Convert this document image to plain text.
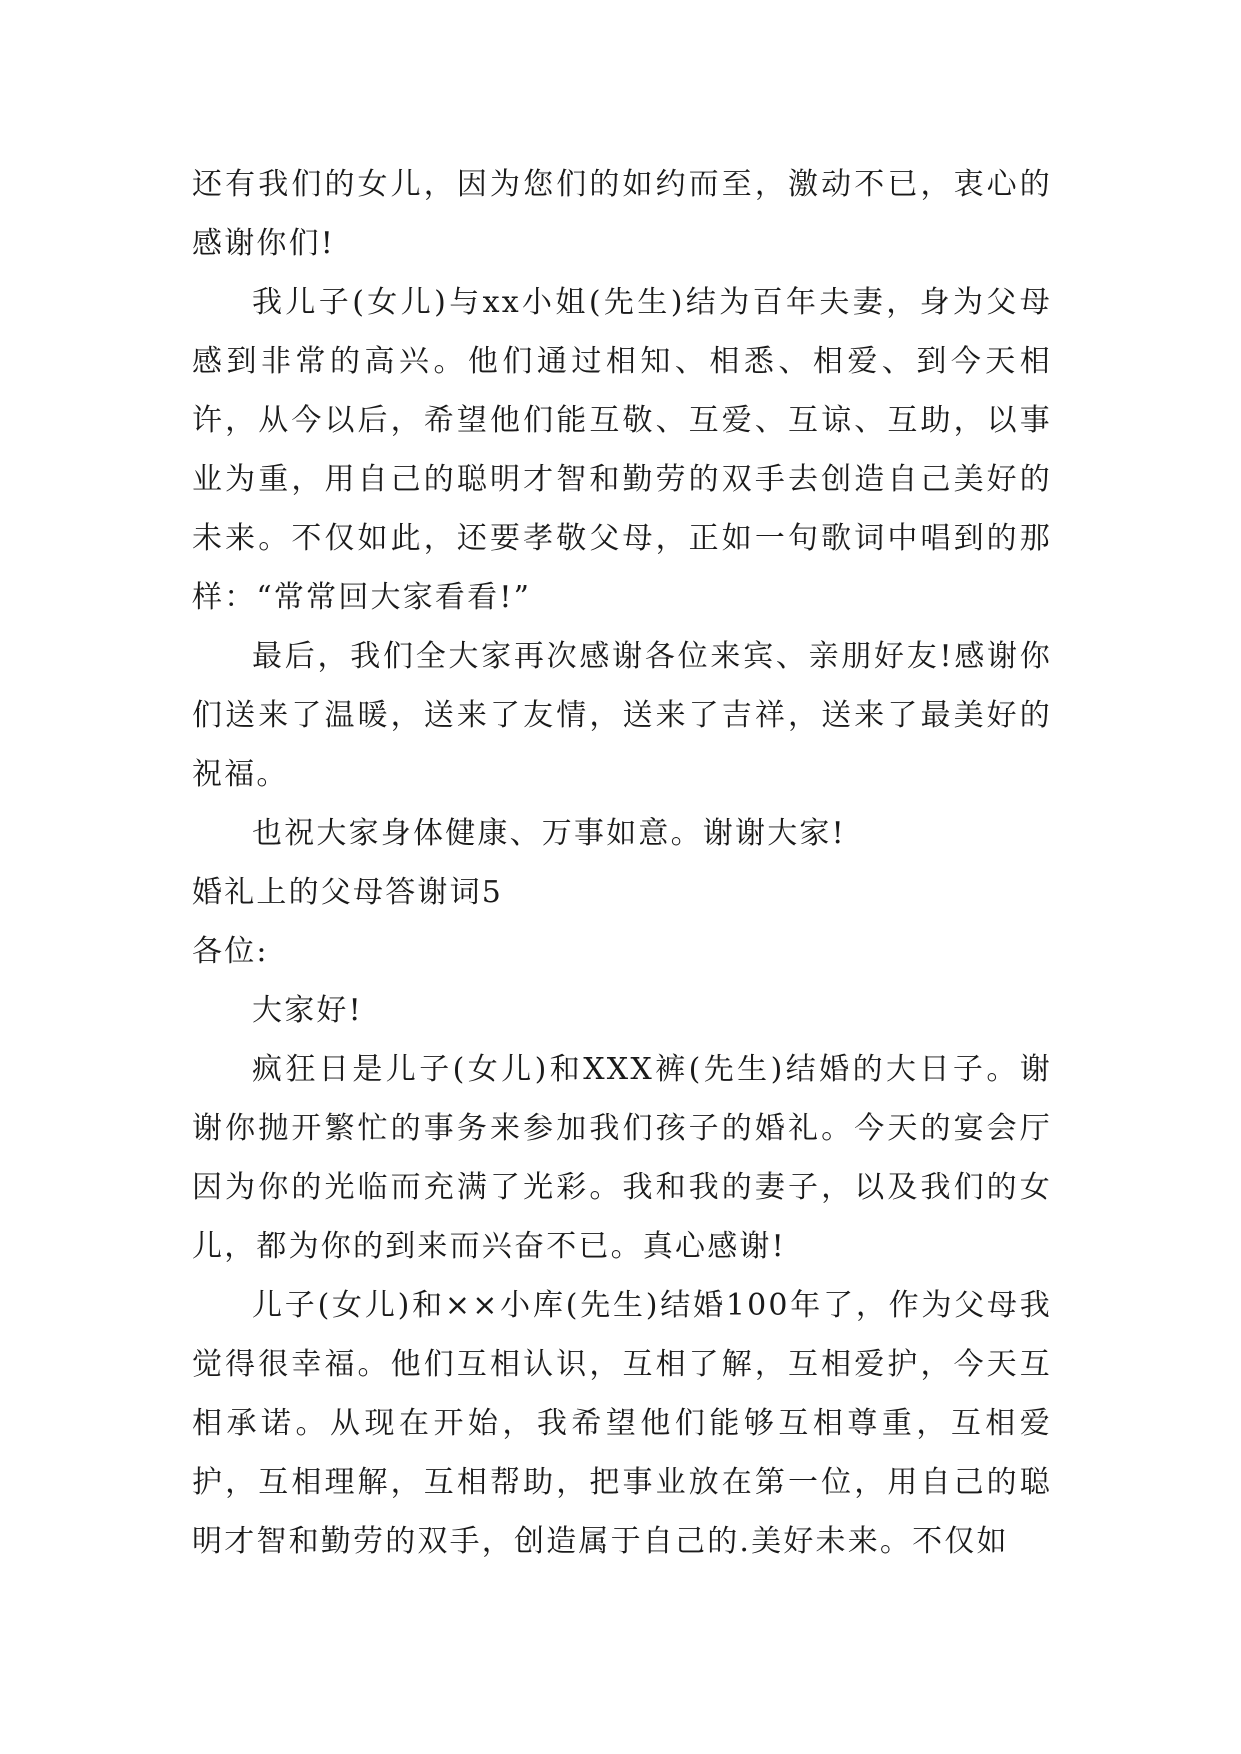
还有我们的女儿，因为您们的如约而至，激动不已，衷心的感谢你们!

我儿子(女儿)与xx小姐(先生)结为百年夫妻，身为父母感到非常的高兴。他们通过相知、相悉、相爱、到今天相许，从今以后，希望他们能互敬、互爱、互谅、互助，以事业为重，用自己的聪明才智和勤劳的双手去创造自己美好的未来。不仅如此，还要孝敬父母，正如一句歌词中唱到的那样：“常常回大家看看!”

最后，我们全大家再次感谢各位来宾、亲朋好友!感谢你们送来了温暖，送来了友情，送来了吉祥，送来了最美好的祝福。

也祝大家身体健康、万事如意。谢谢大家!

婚礼上的父母答谢词5

各位:

大家好!

疯狂日是儿子(女儿)和XXX裤(先生)结婚的大日子。谢谢你抛开繁忙的事务来参加我们孩子的婚礼。今天的宴会厅因为你的光临而充满了光彩。我和我的妻子，以及我们的女儿，都为你的到来而兴奋不已。真心感谢!

儿子(女儿)和××小库(先生)结婚100年了，作为父母我觉得很幸福。他们互相认识，互相了解，互相爱护，今天互相承诺。从现在开始，我希望他们能够互相尊重，互相爱护，互相理解，互相帮助，把事业放在第一位，用自己的聪明才智和勤劳的双手，创造属于自己的.美好未来。不仅如
